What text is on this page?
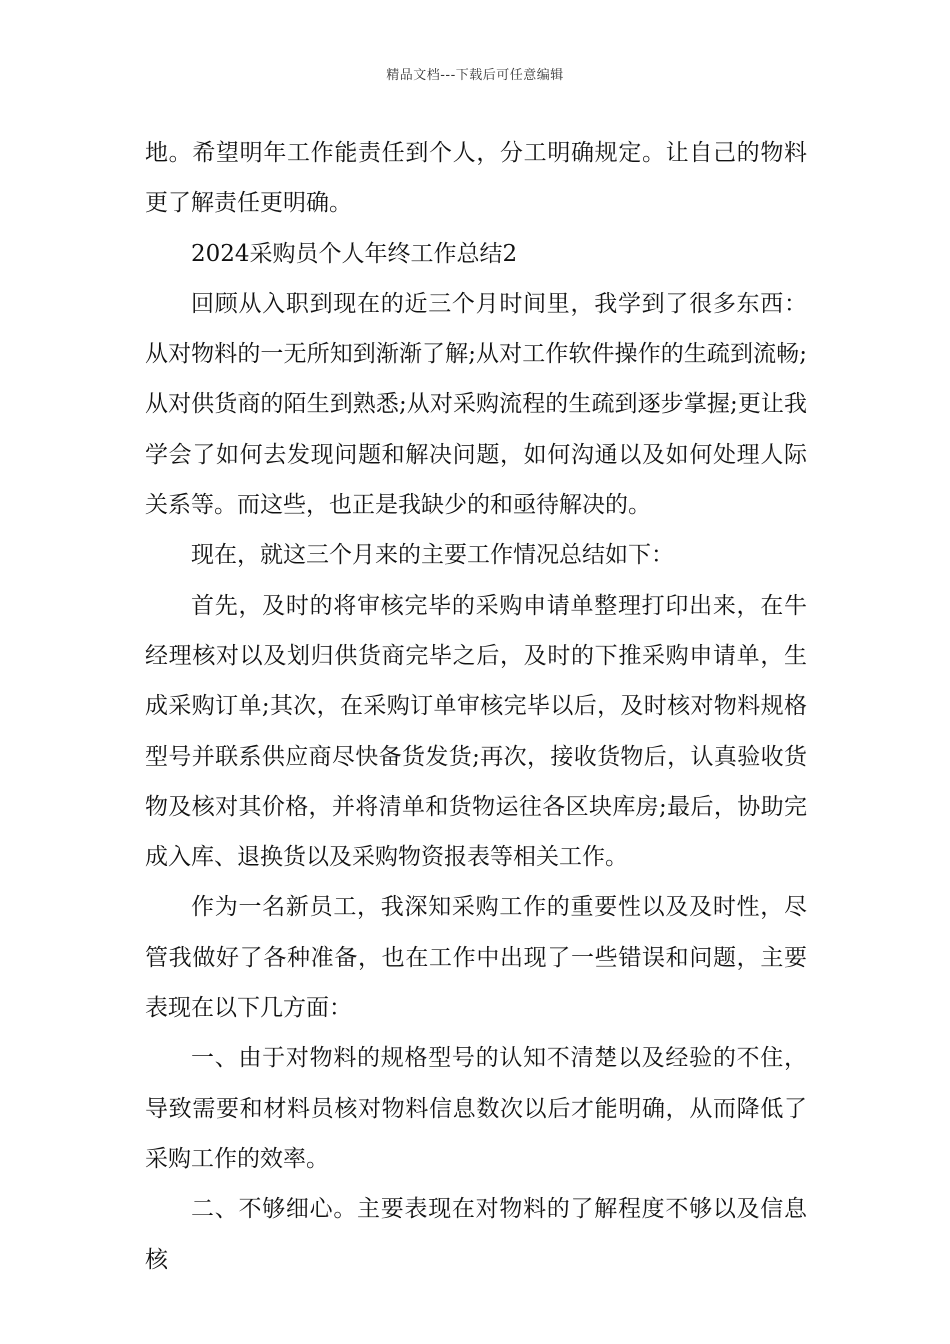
精品文档---下载后可任意编辑

地。希望明年工作能责任到个人，分工明确规定。让自己的物料更了解责任更明确。

2024采购员个人年终工作总结2

回顾从入职到现在的近三个月时间里，我学到了很多东西：从对物料的一无所知到渐渐了解;从对工作软件操作的生疏到流畅;从对供货商的陌生到熟悉;从对采购流程的生疏到逐步掌握;更让我学会了如何去发现问题和解决问题，如何沟通以及如何处理人际关系等。而这些，也正是我缺少的和亟待解决的。

现在，就这三个月来的主要工作情况总结如下：

首先，及时的将审核完毕的采购申请单整理打印出来，在牛经理核对以及划归供货商完毕之后，及时的下推采购申请单，生成采购订单;其次，在采购订单审核完毕以后，及时核对物料规格型号并联系供应商尽快备货发货;再次，接收货物后，认真验收货物及核对其价格，并将清单和货物运往各区块库房;最后，协助完成入库、退换货以及采购物资报表等相关工作。

作为一名新员工，我深知采购工作的重要性以及及时性，尽管我做好了各种准备，也在工作中出现了一些错误和问题，主要表现在以下几方面：

一、由于对物料的规格型号的认知不清楚以及经验的不住，导致需要和材料员核对物料信息数次以后才能明确，从而降低了采购工作的效率。

二、不够细心。主要表现在对物料的了解程度不够以及信息核
